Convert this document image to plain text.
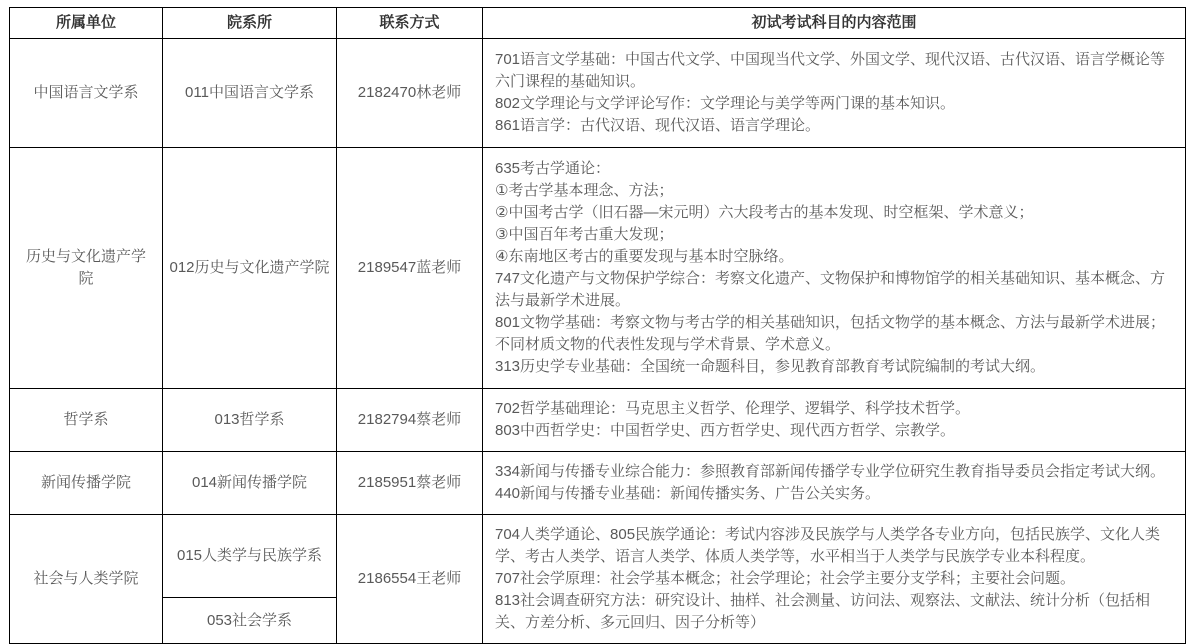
所属单位	院系所	联系方式	初试考试科目的内容范围
中国语言文学系	011中国语言文学系	2182470林老师	701语言文学基础：中国古代文学、中国现当代文学、外国文学、现代汉语、古代汉语、语言学概论等六门课程的基础知识。
802文学理论与文学评论写作：文学理论与美学等两门课的基本知识。
861语言学：古代汉语、现代汉语、语言学理论。

历史与文化遗产学院	012历史与文化遗产学院	2189547蓝老师	
635考古学通论：
①考古学基本理念、方法；
②中国考古学（旧石器—宋元明）六大段考古的基本发现、时空框架、学术意义；
③中国百年考古重大发现；
④东南地区考古的重要发现与基本时空脉络。
747文化遗产与文物保护学综合：考察文化遗产、文物保护和博物馆学的相关基础知识、基本概念、方法与最新学术进展。
801文物学基础：考察文物与考古学的相关基础知识，包括文物学的基本概念、方法与最新学术进展；不同材质文物的代表性发现与学术背景、学术意义。
313历史学专业基础：全国统一命题科目，参见教育部教育考试院编制的考试大纲。

哲学系	013哲学系	2182794蔡老师	702哲学基础理论：马克思主义哲学、伦理学、逻辑学、科学技术哲学。
803中西哲学史：中国哲学史、西方哲学史、现代西方哲学、宗教学。

新闻传播学院	014新闻传播学院	2185951蔡老师	334新闻与传播专业综合能力：参照教育部新闻传播学专业学位研究生教育指导委员会指定考试大纲。
440新闻与传播专业基础：新闻传播实务、广告公关实务。

社会与人类学院	015人类学与民族学系	2186554王老师	704人类学通论、805民族学通论：考试内容涉及民族学与人类学各专业方向，包括民族学、文化人类学、考古人类学、语言人类学、体质人类学等，水平相当于人类学与民族学专业本科程度。
707社会学原理：社会学基本概念；社会学理论；社会学主要分支学科；主要社会问题。
813社会调查研究方法：研究设计、抽样、社会测量、访问法、观察法、文献法、统计分析（包括相关、方差分析、多元回归、因子分析等）

	053社会学系		
